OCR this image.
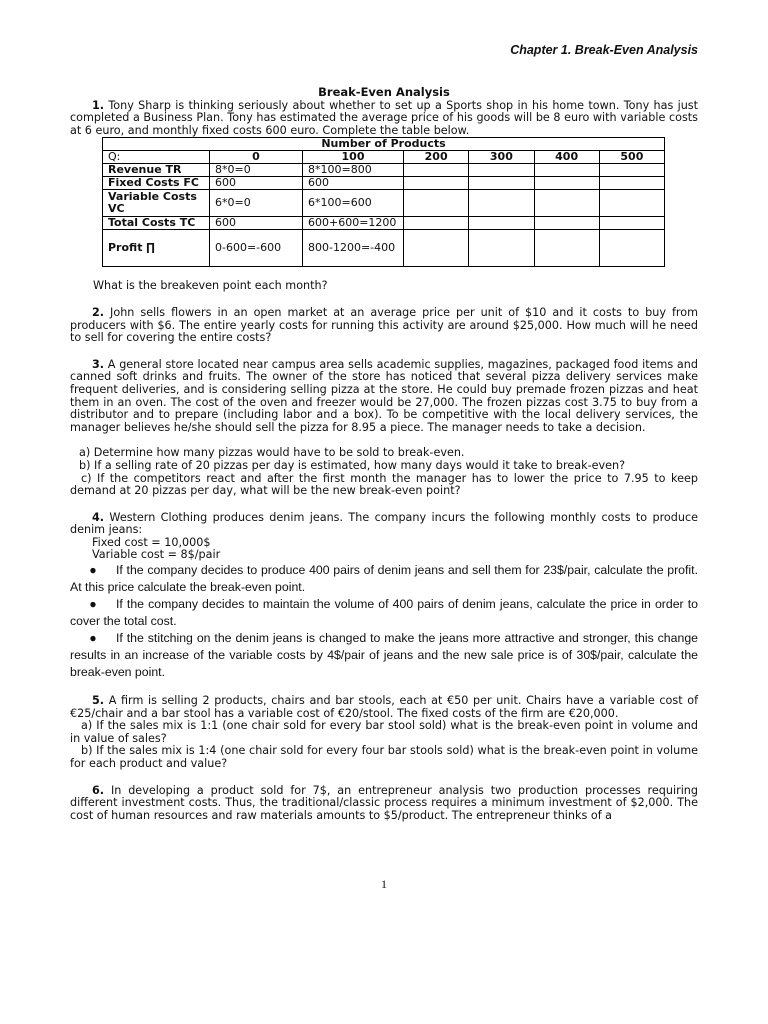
Chapter 1. Break-Even Analysis
Break-Even Analysis

1. Tony Sharp is thinking seriously about whether to set up a Sports shop in his home town. Tony has just completed a Business Plan. Tony has estimated the average price of his goods will be 8 euro with variable costs at 6 euro, and monthly fixed costs 600 euro. Complete the table below.

Number of Products						
Q:	0	100	200	300	400	500
Revenue TR	8*0=0	8*100=800				
Fixed Costs FC	600	600				
Variable Costs VC	6*0=0	6*100=600				
Total Costs TC	600	600+600=1200				
Profit ∏	0-600=-600	800-1200=-400				

What is the breakeven point each month?

2. John sells flowers in an open market at an average price per unit of $10 and it costs to buy from producers with $6. The entire yearly costs for running this activity are around $25,000. How much will he need to sell for covering the entire costs?

3. A general store located near campus area sells academic supplies, magazines, packaged food items and canned soft drinks and fruits. The owner of the store has noticed that several pizza delivery services make frequent deliveries, and is considering selling pizza at the store. He could buy premade frozen pizzas and heat them in an oven. The cost of the oven and freezer would be 27,000. The frozen pizzas cost 3.75 to buy from a distributor and to prepare (including labor and a box). To be competitive with the local delivery services, the manager believes he/she should sell the pizza for 8.95 a piece. The manager needs to take a decision.

a) Determine how many pizzas would have to be sold to break-even.

b) If a selling rate of 20 pizzas per day is estimated, how many days would it take to break-even?

c) If the competitors react and after the first month the manager has to lower the price to 7.95 to keep demand at 20 pizzas per day, what will be the new break-even point?

4. Western Clothing produces denim jeans. The company incurs the following monthly costs to produce denim jeans:

Fixed cost = 10,000$

Variable cost = 8$/pair

● If the company decides to produce 400 pairs of denim jeans and sell them for 23$/pair, calculate the profit. At this price calculate the break-even point.

● If the company decides to maintain the volume of 400 pairs of denim jeans, calculate the price in order to cover the total cost.

● If the stitching on the denim jeans is changed to make the jeans more attractive and stronger, this change results in an increase of the variable costs by 4$/pair of jeans and the new sale price is of 30$/pair, calculate the break-even point.

5. A firm is selling 2 products, chairs and bar stools, each at €50 per unit. Chairs have a variable cost of €25/chair and a bar stool has a variable cost of €20/stool. The fixed costs of the firm are €20,000.

a) If the sales mix is 1:1 (one chair sold for every bar stool sold) what is the break-even point in volume and in value of sales?

b) If the sales mix is 1:4 (one chair sold for every four bar stools sold) what is the break-even point in volume for each product and value?

6. In developing a product sold for 7$, an entrepreneur analysis two production processes requiring different investment costs. Thus, the traditional/classic process requires a minimum investment of $2,000. The cost of human resources and raw materials amounts to $5/product. The entrepreneur thinks of a

1
